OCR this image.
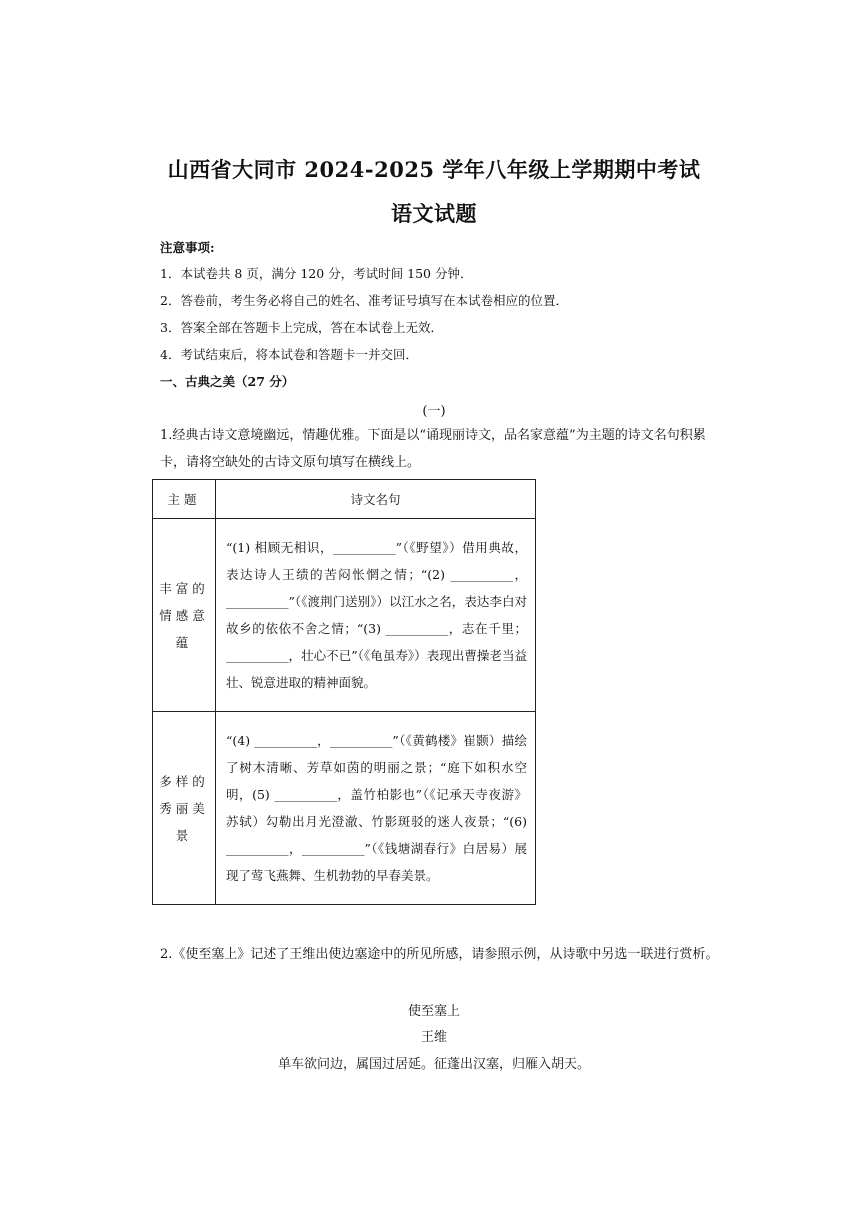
山西省大同市 2024-2025 学年八年级上学期期中考试
语文试题
注意事项:
1．本试卷共 8 页，满分 120 分，考试时间 150 分钟．
2．答卷前，考生务必将自己的姓名、准考证号填写在本试卷相应的位置．
3．答案全部在答题卡上完成，答在本试卷上无效．
4．考试结束后，将本试卷和答题卡一并交回．
一、古典之美（27 分）
(一)
1.经典古诗文意境幽远，情趣优雅。下面是以“诵现丽诗文，品名家意蕴”为主题的诗文名句积累卡，请将空缺处的古诗文原句填写在横线上。
主题	诗文名句
丰富的情感意蕴	“(1) 相顾无相识，__________”（《野望》）借用典故，表达诗人王绩的苦闷怅惘之情；“(2) __________，__________”（《渡荆门送别》）以江水之名，表达李白对故乡的依依不舍之情；“(3) __________，志在千里；__________，壮心不已”（《龟虽寿》）表现出曹操老当益壮、锐意进取的精神面貌。
多样的秀丽美景	“(4) __________，__________”（《黄鹤楼》崔颢）描绘了树木清晰、芳草如茵的明丽之景；“庭下如积水空明，(5) __________，盖竹柏影也”（《记承天寺夜游》苏轼）勾勒出月光澄澈、竹影斑驳的迷人夜景；“(6) __________，__________”（《钱塘湖春行》白居易）展现了莺飞燕舞、生机勃勃的早春美景。
2.《使至塞上》记述了王维出使边塞途中的所见所感，请参照示例，从诗歌中另选一联进行赏析。
使至塞上
王维
单车欲问边，属国过居延。征蓬出汉塞，归雁入胡天。
